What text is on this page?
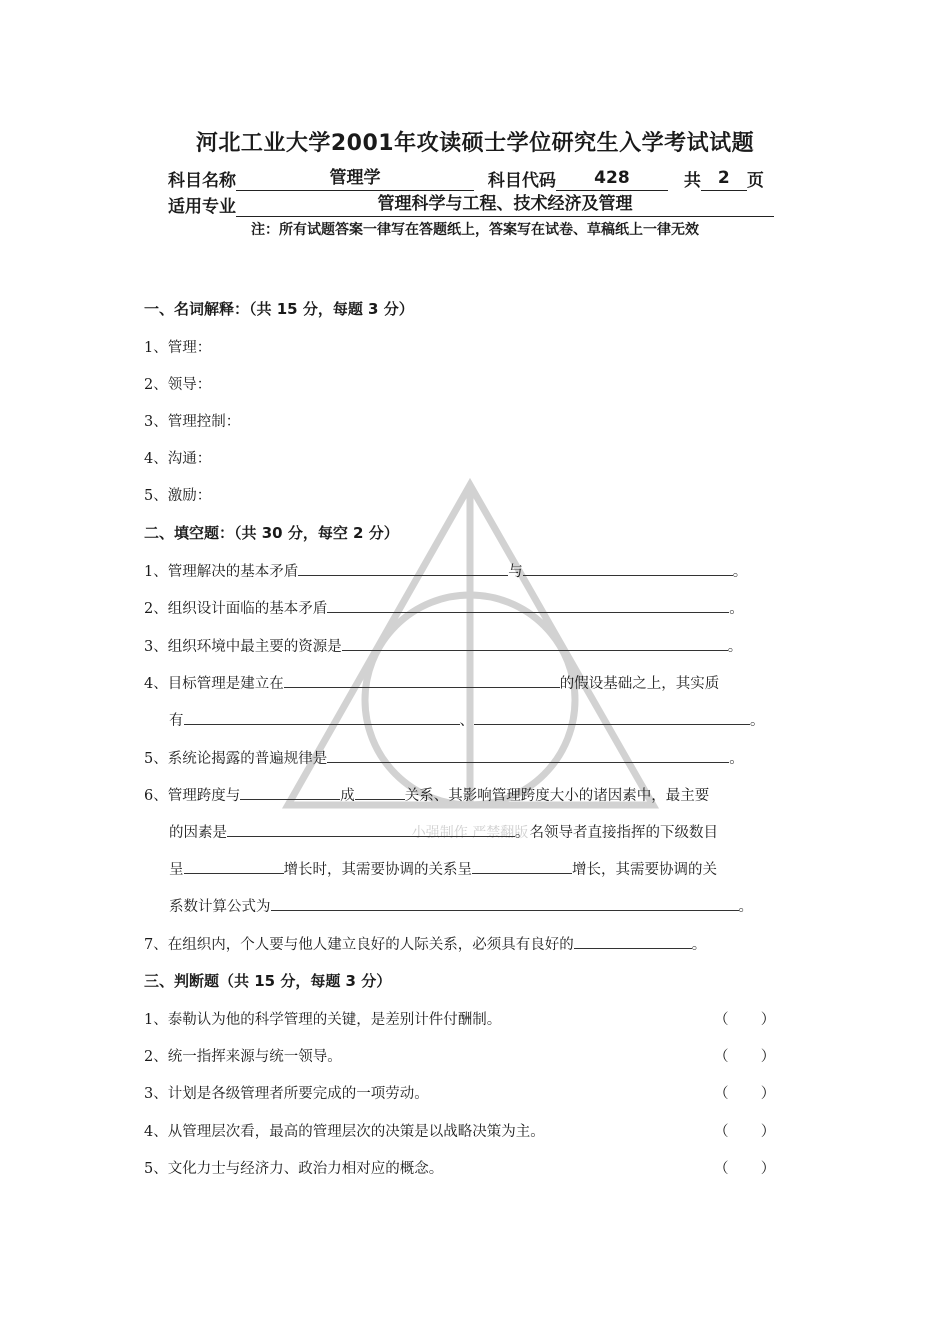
小强制作 严禁翻版
河北工业大学2001年攻读硕士学位研究生入学考试试题
科目名称	管理学	科目代码 428	共 2 页
适用专业	管理科学与工程、技术经济及管理
注：所有试题答案一律写在答题纸上，答案写在试卷、草稿纸上一律无效
一、名词解释：（共 15 分，每题 3 分）
1、管理：
2、领导：
3、管理控制：
4、沟通：
5、激励：
二、填空题：（共 30 分，每空 2 分）
1、管理解决的基本矛盾	与	。
2、组织设计面临的基本矛盾	。
3、组织环境中最主要的资源是	。
4、目标管理是建立在	的假设基础之上，其实质
有	、	。
5、系统论揭露的普遍规律是	。
6、管理跨度与	成	关系、其影响管理跨度大小的诸因素中，最主要
的因素是	。名领导者直接指挥的下级数目
呈	增长时，其需要协调的关系呈	增长，其需要协调的关
系数计算公式为	。
7、在组织内，个人要与他人建立良好的人际关系，必须具有良好的	。
三、判断题（共 15 分，每题 3 分）
1、泰勒认为他的科学管理的关键，是差别计件付酬制。	（       ）
2、统一指挥来源与统一领导。	（       ）
3、计划是各级管理者所要完成的一项劳动。	（       ）
4、从管理层次看，最高的管理层次的决策是以战略决策为主。	（       ）
5、文化力士与经济力、政治力相对应的概念。	（       ）
